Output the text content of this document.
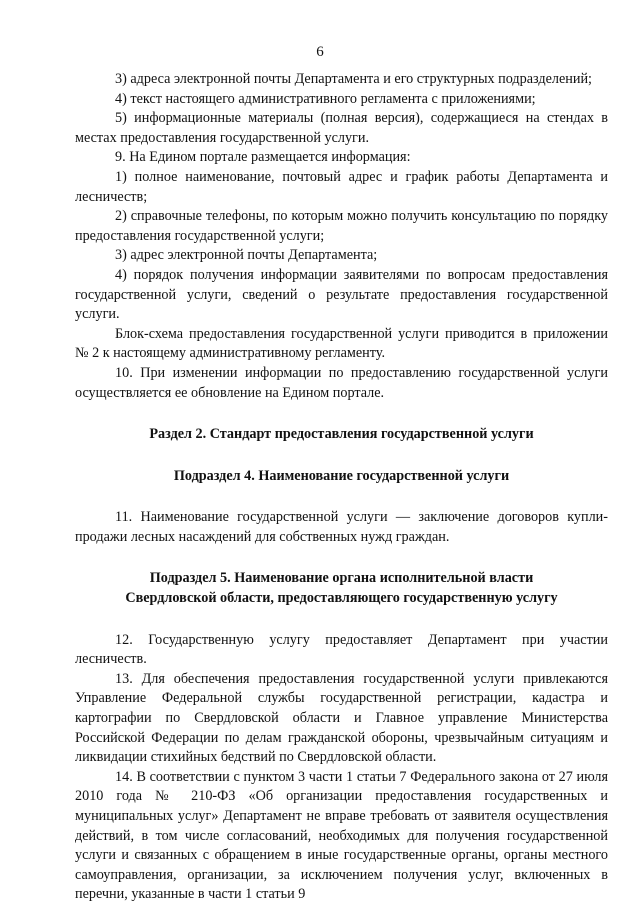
6

3) адреса электронной почты Департамента и его структурных подразделений;

4) текст настоящего административного регламента с приложениями;

5) информационные материалы (полная версия), содержащиеся на стендах в местах предоставления государственной услуги.

9. На Едином портале размещается информация:

1) полное наименование, почтовый адрес и график работы Департамента и лесничеств;

2) справочные телефоны, по которым можно получить консультацию по порядку предоставления государственной услуги;

3) адрес электронной почты Департамента;

4) порядок получения информации заявителями по вопросам предоставления государственной услуги, сведений о результате предоставления государственной услуги.

Блок-схема предоставления государственной услуги приводится в приложении № 2 к настоящему административному регламенту.

10. При изменении информации по предоставлению государственной услуги осуществляется ее обновление на Едином портале.

Раздел 2. Стандарт предоставления государственной услуги

Подраздел 4. Наименование государственной услуги

11. Наименование государственной услуги — заключение договоров купли-продажи лесных насаждений для собственных нужд граждан.

Подраздел 5. Наименование органа исполнительной власти

Свердловской области, предоставляющего государственную услугу

12. Государственную услугу предоставляет Департамент при участии лесничеств.

13. Для обеспечения предоставления государственной услуги привлекаются Управление Федеральной службы государственной регистрации, кадастра и картографии по Свердловской области и Главное управление Министерства Российской Федерации по делам гражданской обороны, чрезвычайным ситуациям и ликвидации стихийных бедствий по Свердловской области.

14. В соответствии с пунктом 3 части 1 статьи 7 Федерального закона от 27 июля 2010 года № 210-ФЗ «Об организации предоставления государственных и муниципальных услуг» Департамент не вправе требовать от заявителя осуществления действий, в том числе согласований, необходимых для получения государственной услуги и связанных с обращением в иные государственные органы, органы местного самоуправления, организации, за исключением получения услуг, включенных в перечни, указанные в части 1 статьи 9
